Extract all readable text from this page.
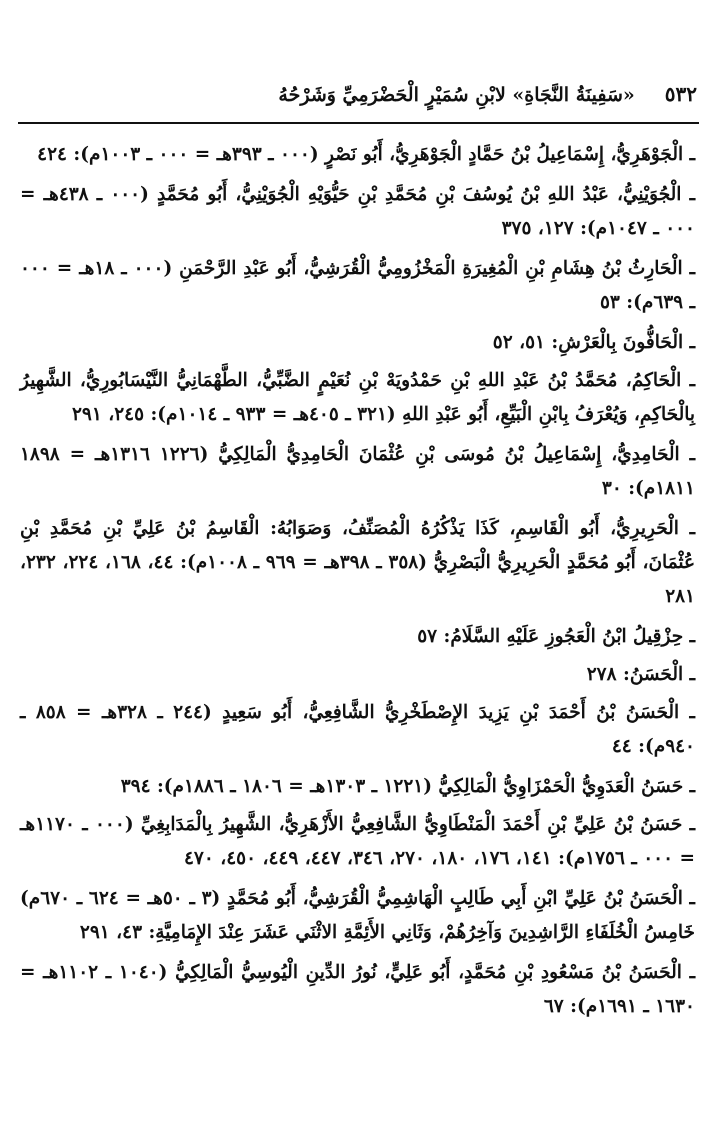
٥٣٢
«سَفِينَةُ النَّجَاةِ» لابْنِ سُمَيْرٍ الْحَضْرَمِيِّ وَشَرْحُهُ

ـ الْجَوْهَرِيُّ، إِسْمَاعِيلُ بْنُ حَمَّادٍ الْجَوْهَرِيُّ، أَبُو نَصْرٍ (٠٠٠ ـ ٣٩٣هـ = ٠٠٠ ـ ١٠٠٣م): ٤٢٤

ـ الْجُوَيْنِيُّ، عَبْدُ اللهِ بْنُ يُوسُفَ بْنِ مُحَمَّدِ بْنِ حَيُّوَيْهِ الْجُوَيْنِيُّ، أَبُو مُحَمَّدٍ (٠٠٠ ـ ٤٣٨هـ = ٠٠٠ ـ ١٠٤٧م): ١٢٧، ٣٧٥

ـ الْحَارِثُ بْنُ هِشَامِ بْنِ الْمُغِيرَةِ الْمَخْزُومِيُّ الْقُرَشِيُّ، أَبُو عَبْدِ الرَّحْمَنِ (٠٠٠ ـ ١٨هـ = ٠٠٠ ـ ٦٣٩م): ٥٣

ـ الْحَافُّونَ بِالْعَرْشِ: ٥١، ٥٢

ـ الْحَاكِمُ، مُحَمَّدُ بْنُ عَبْدِ اللهِ بْنِ حَمْدُويَهْ بْنِ نُعَيْمٍ الضَّبِّيُّ، الطَّهْمَانِيُّ النَّيْسَابُورِيُّ، الشَّهِيرُ بِالْحَاكِمِ، وَيُعْرَفُ بِابْنِ الْبَيِّعِ، أَبُو عَبْدِ اللهِ (٣٢١ ـ ٤٠٥هـ = ٩٣٣ ـ ١٠١٤م): ٢٤٥، ٢٩١

ـ الْحَامِدِيُّ، إِسْمَاعِيلُ بْنُ مُوسَى بْنِ عُثْمَانَ الْحَامِدِيُّ الْمَالِكِيُّ (١٢٢٦ ١٣١٦هـ = ١٨٩٨ ١٨١١م): ٣٠

ـ الْحَرِيرِيُّ، أَبُو الْقَاسِمِ، كَذَا يَذْكُرُهُ الْمُصَنِّفُ، وَصَوَابُهُ: الْقَاسِمُ بْنُ عَلِيِّ بْنِ مُحَمَّدِ بْنِ عُثْمَانَ، أَبُو مُحَمَّدٍ الْحَرِيرِيُّ الْبَصْرِيُّ (٣٥٨ ـ ٣٩٨هـ = ٩٦٩ ـ ١٠٠٨م): ٤٤، ١٦٨، ٢٢٤، ٢٣٢، ٢٨١

ـ حِزْقِيلُ ابْنُ الْعَجُوزِ عَلَيْهِ السَّلَامُ: ٥٧

ـ الْحَسَنُ: ٢٧٨

ـ الْحَسَنُ بْنُ أَحْمَدَ بْنِ يَزِيدَ الإِصْطَخْرِيُّ الشَّافِعِيُّ، أَبُو سَعِيدٍ (٢٤٤ ـ ٣٢٨هـ = ٨٥٨ ـ ٩٤٠م): ٤٤

ـ حَسَنُ الْعَدَوِيُّ الْحَمْزَاوِيُّ الْمَالِكِيُّ (١٢٢١ ـ ١٣٠٣هـ = ١٨٠٦ ـ ١٨٨٦م): ٣٩٤

ـ حَسَنُ بْنُ عَلِيِّ بْنِ أَحْمَدَ الْمَنْطَاوِيُّ الشَّافِعِيُّ الأَزْهَرِيُّ، الشَّهِيرُ بِالْمَدَابِغِيِّ (٠٠٠ ـ ١١٧٠هـ = ٠٠٠ ـ ١٧٥٦م): ١٤١، ١٧٦، ١٨٠، ٢٧٠، ٣٤٦، ٤٤٧، ٤٤٩، ٤٥٠، ٤٧٠

ـ الْحَسَنُ بْنُ عَلِيِّ ابْنِ أَبِي طَالِبٍ الْهَاشِمِيُّ الْقُرَشِيُّ، أَبُو مُحَمَّدٍ (٣ ـ ٥٠هـ = ٦٢٤ ـ ٦٧٠م) خَامِسُ الْخُلَفَاءِ الرَّاشِدِينَ وَآخِرُهُمْ، وَثَانِي الأَئِمَّةِ الاثْنَي عَشَرَ عِنْدَ الإِمَامِيَّةِ: ٤٣، ٢٩١

ـ الْحَسَنُ بْنُ مَسْعُودِ بْنِ مُحَمَّدٍ، أَبُو عَلِيٍّ، نُورُ الدِّينِ الْيُوسِيُّ الْمَالِكِيُّ (١٠٤٠ ـ ١١٠٢هـ = ١٦٣٠ ـ ١٦٩١م): ٦٧
